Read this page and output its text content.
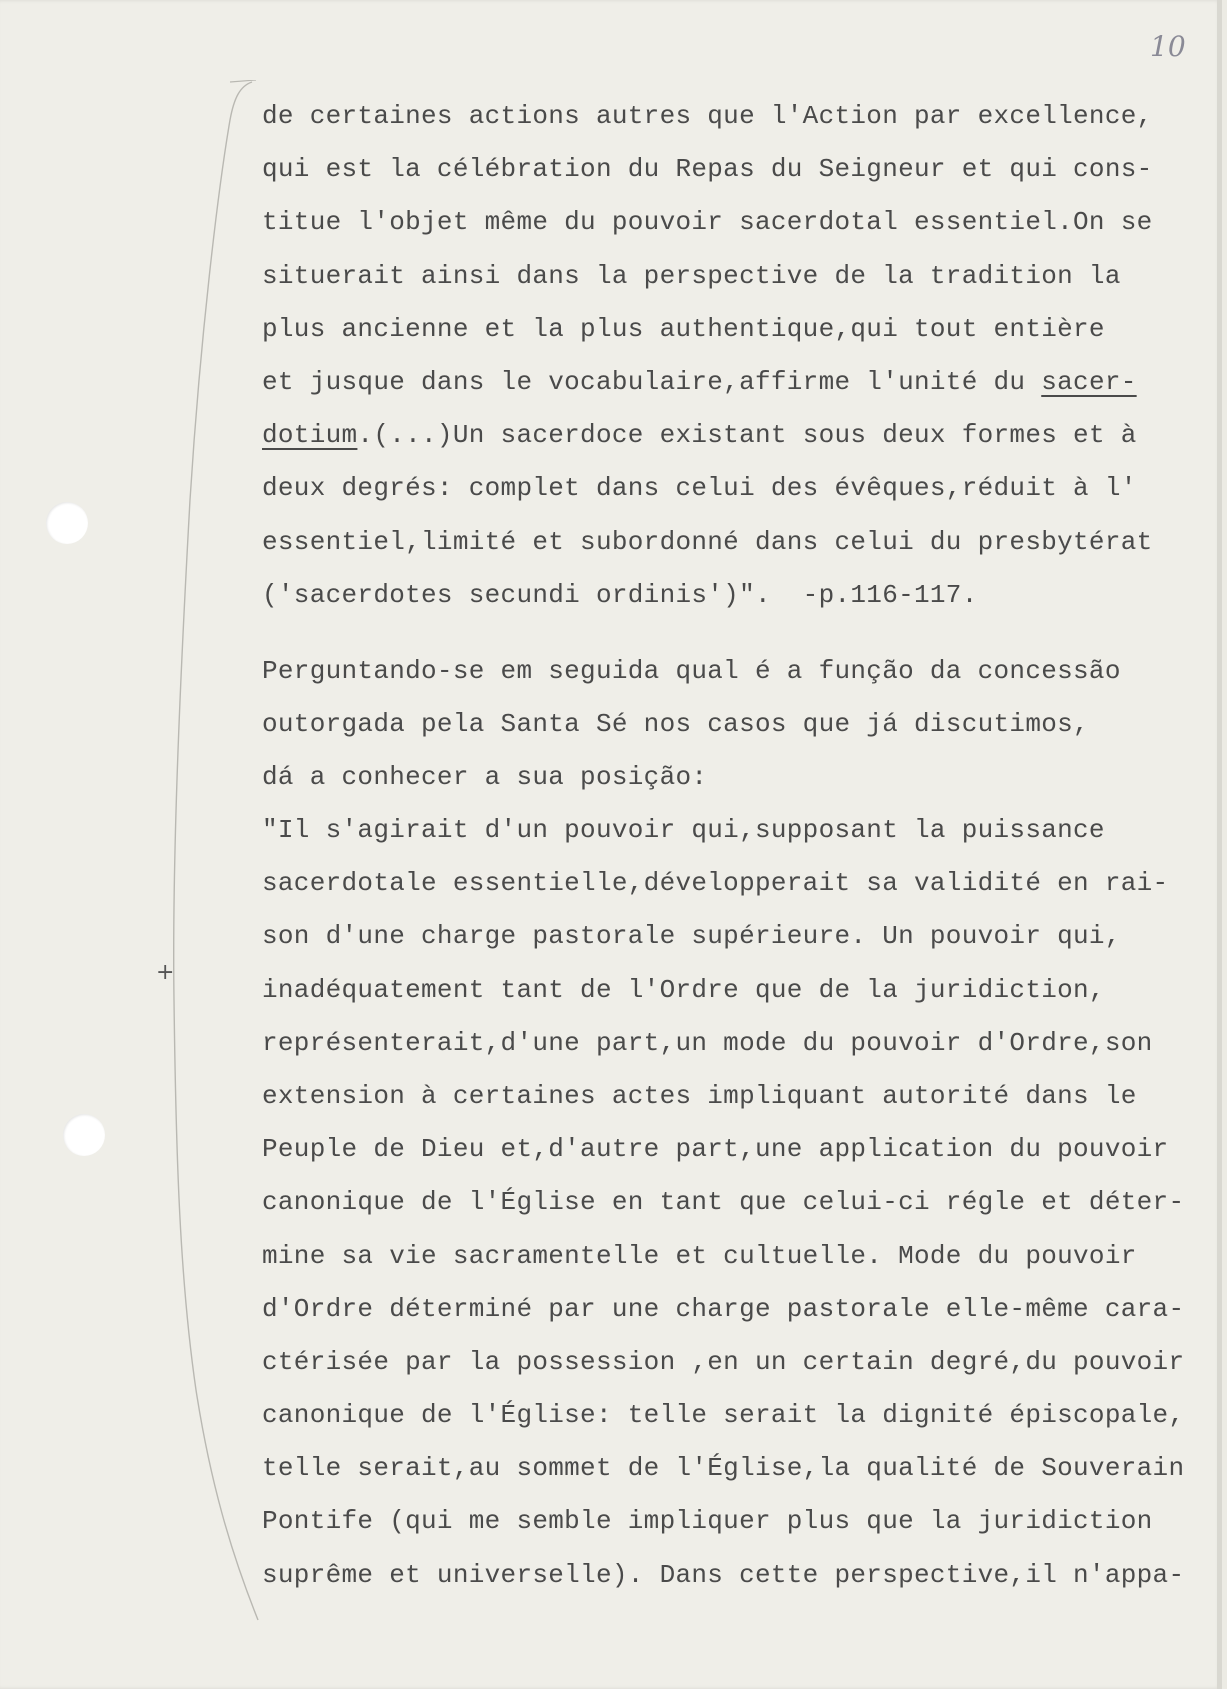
10
+
de certaines actions autres que l'Action par excellence,
qui est la célébration du Repas du Seigneur et qui cons-
titue l'objet même du pouvoir sacerdotal essentiel.On se
situerait ainsi dans la perspective de la tradition la
plus ancienne et la plus authentique,qui tout entière
et jusque dans le vocabulaire,affirme l'unité du sacer-
dotium.(...)Un sacerdoce existant sous deux formes et à
deux degrés: complet dans celui des évêques,réduit à l'
essentiel,limité et subordonné dans celui du presbytérat
('sacerdotes secundi ordinis')".  -p.116-117.
Perguntando-se em seguida qual é a função da concessão
outorgada pela Santa Sé nos casos que já discutimos,
dá a conhecer a sua posição:
"Il s'agirait d'un pouvoir qui,supposant la puissance
sacerdotale essentielle,développerait sa validité en rai-
son d'une charge pastorale supérieure. Un pouvoir qui,
inadéquatement tant de l'Ordre que de la juridiction,
représenterait,d'une part,un mode du pouvoir d'Ordre,son
extension à certaines actes impliquant autorité dans le
Peuple de Dieu et,d'autre part,une application du pouvoir
canonique de l'Église en tant que celui-ci régle et déter-
mine sa vie sacramentelle et cultuelle. Mode du pouvoir
d'Ordre déterminé par une charge pastorale elle-même cara-
ctérisée par la possession ,en un certain degré,du pouvoir
canonique de l'Église: telle serait la dignité épiscopale,
telle serait,au sommet de l'Église,la qualité de Souverain
Pontife (qui me semble impliquer plus que la juridiction
suprême et universelle). Dans cette perspective,il n'appa-
